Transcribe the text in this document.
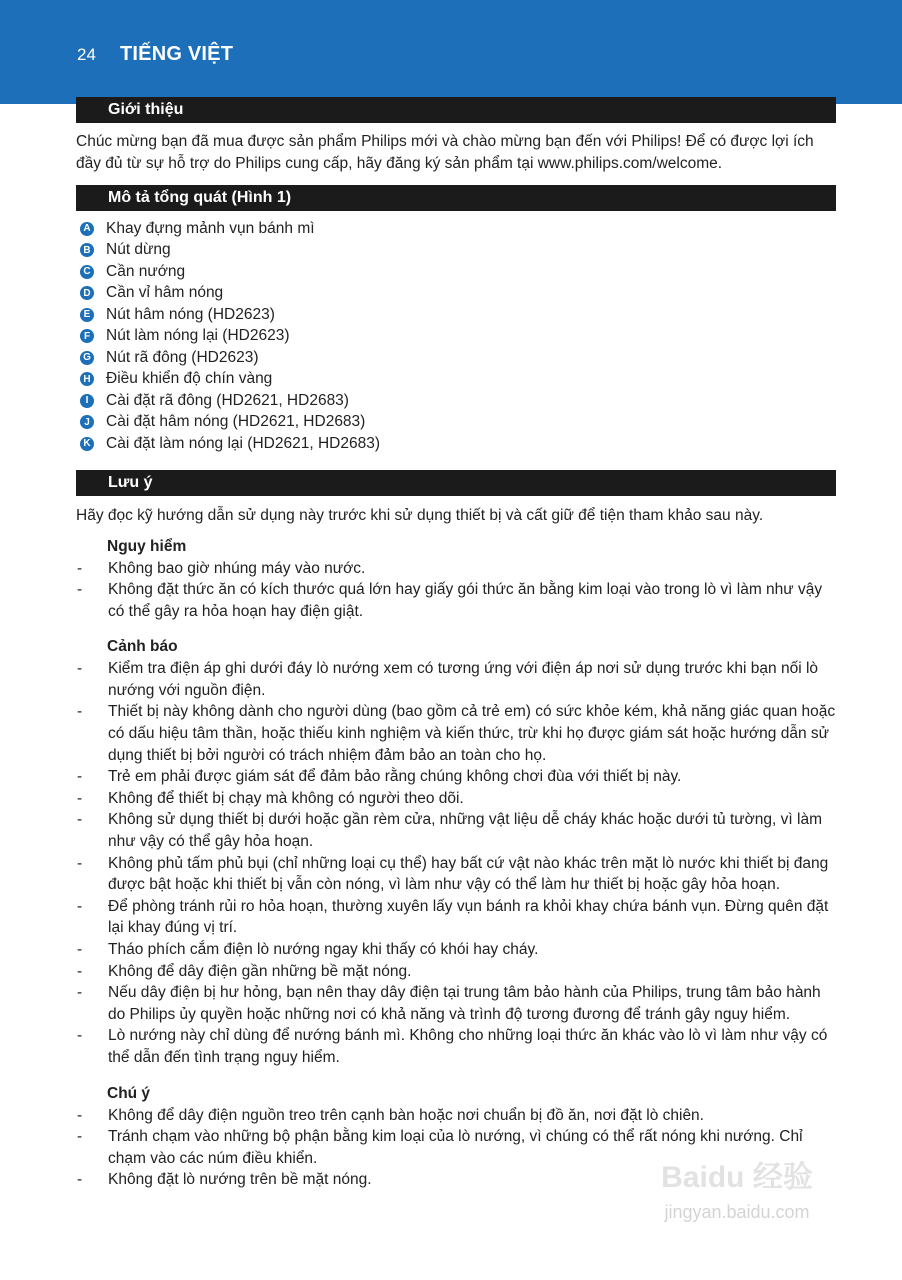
24 TIẾNG VIỆT
Giới thiệu

Chúc mừng bạn đã mua được sản phẩm Philips mới và chào mừng bạn đến với Philips! Để có được lợi ích đầy đủ từ sự hỗ trợ do Philips cung cấp, hãy đăng ký sản phẩm tại www.philips.com/welcome.

Mô tả tổng quát (Hình 1)
A Khay đựng mảnh vụn bánh mì
B Nút dừng
C Cần nướng
D Cần vỉ hâm nóng
E Nút hâm nóng (HD2623)
F Nút làm nóng lại (HD2623)
G Nút rã đông (HD2623)
H Điều khiển độ chín vàng
I	Cài đặt rã đông (HD2621, HD2683)
J Cài đặt hâm nóng (HD2621, HD2683)
K Cài đặt làm nóng lại (HD2621, HD2683)
Lưu ý

Hãy đọc kỹ hướng dẫn sử dụng này trước khi sử dụng thiết bị và cất giữ để tiện tham khảo sau này.

Nguy hiểm
-	Không bao giờ nhúng máy vào nước.
-	Không đặt thức ăn có kích thước quá lớn hay giấy gói thức ăn bằng kim loại vào trong lò vì làm như vậy có thể gây ra hỏa hoạn hay điện giật.
Cảnh báo
-	Kiểm tra điện áp ghi dưới đáy lò nướng xem có tương ứng với điện áp nơi sử dụng trước khi bạn nối lò nướng với nguồn điện.
-	Thiết bị này không dành cho người dùng (bao gồm cả trẻ em) có sức khỏe kém, khả năng giác quan hoặc có dấu hiệu tâm thần, hoặc thiếu kinh nghiệm và kiến thức, trừ khi họ được giám sát hoặc hướng dẫn sử dụng thiết bị bởi người có trách nhiệm đảm bảo an toàn cho họ.
-	Trẻ em phải được giám sát để đảm bảo rằng chúng không chơi đùa với thiết bị này.
-	Không để thiết bị chạy mà không có người theo dõi.
-	Không sử dụng thiết bị dưới hoặc gần rèm cửa, những vật liệu dễ cháy khác hoặc dưới tủ tường, vì làm như vậy có thể gây hỏa hoạn.
-	Không phủ tấm phủ bụi (chỉ những loại cụ thể) hay bất cứ vật nào khác trên mặt lò nước khi thiết bị đang được bật hoặc khi thiết bị vẫn còn nóng, vì làm như vậy có thể làm hư thiết bị hoặc gây hỏa hoạn.
-	Để phòng tránh rủi ro hỏa hoạn, thường xuyên lấy vụn bánh ra khỏi khay chứa bánh vụn. Đừng quên đặt lại khay đúng vị trí.
-	Tháo phích cắm điện lò nướng ngay khi thấy có khói hay cháy.
-	Không để dây điện gần những bề mặt nóng.
-	Nếu dây điện bị hư hỏng, bạn nên thay dây điện tại trung tâm bảo hành của Philips, trung tâm bảo hành do Philips ủy quyền hoặc những nơi có khả năng và trình độ tương đương để tránh gây nguy hiểm.
-	Lò nướng này chỉ dùng để nướng bánh mì. Không cho những loại thức ăn khác vào lò vì làm như vậy có thể dẫn đến tình trạng nguy hiểm.
Chú ý
-	Không để dây điện nguồn treo trên cạnh bàn hoặc nơi chuẩn bị đồ ăn, nơi đặt lò chiên.
-	Tránh chạm vào những bộ phận bằng kim loại của lò nướng, vì chúng có thể rất nóng khi nướng. Chỉ chạm vào các núm điều khiển.
-	Không đặt lò nướng trên bề mặt nóng.	Baidu 经验
jingyan.baidu.com
